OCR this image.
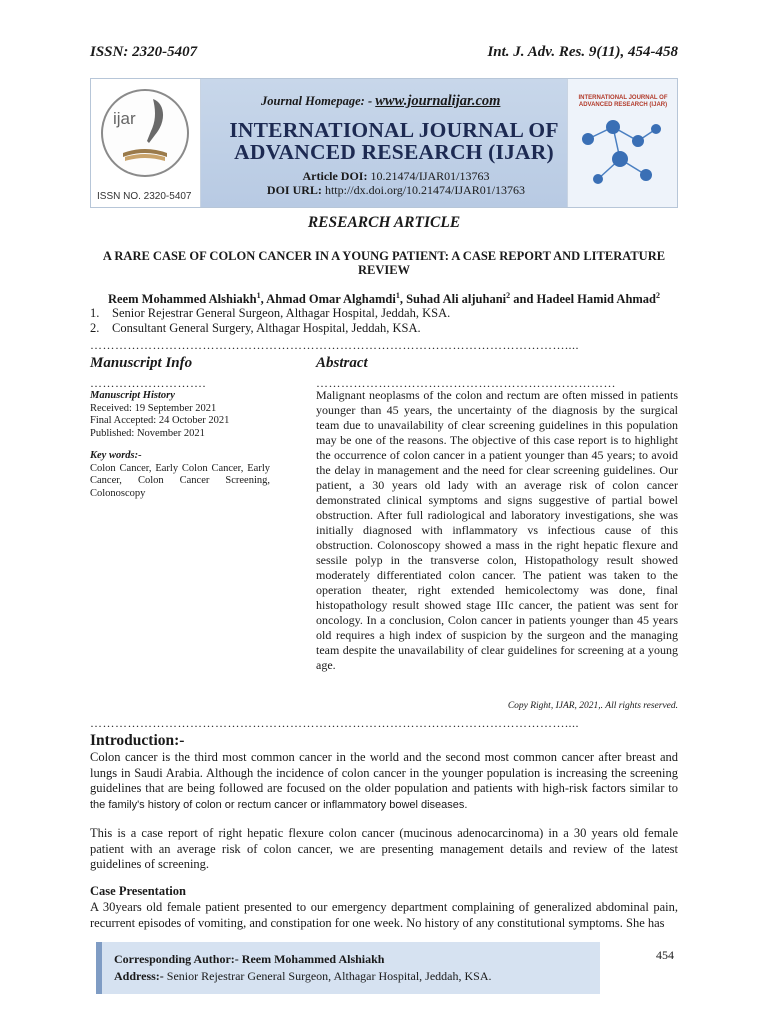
ISSN: 2320-5407	Int. J. Adv. Res. 9(11), 454-458
ijar
ISSN NO. 2320-5407
Journal Homepage: - www.journalijar.com
INTERNATIONAL JOURNAL OF
ADVANCED RESEARCH (IJAR)
Article DOI: 10.21474/IJAR01/13763
DOI URL: http://dx.doi.org/10.21474/IJAR01/13763
INTERNATIONAL JOURNAL OF ADVANCED RESEARCH (IJAR)
RESEARCH ARTICLE
A RARE CASE OF COLON CANCER IN A YOUNG PATIENT: A CASE REPORT AND LITERATURE
REVIEW
Reem Mohammed Alshiakh$^1$, Ahmad Omar Alghamdi$^1$, Suhad Ali aljuhani$^2$ and Hadeel Hamid Ahmad$^2$
1. Senior Rejestrar General Surgeon, Althagar Hospital, Jeddah, KSA.
2. Consultant General Surgery, Althagar Hospital, Jeddah, KSA.
……………………………………………………………………………………………………....
Manuscript Info
……………………….
Abstract
………………………………………………………………
Manuscript History
Received: 19 September 2021
Final Accepted: 24 October 2021
Published: November 2021
Key words:-
Colon Cancer, Early Colon Cancer, Early Cancer, Colon Cancer Screening, Colonoscopy
Malignant neoplasms of the colon and rectum are often missed in patients younger than 45 years, the uncertainty of the diagnosis by the surgical team due to unavailability of clear screening guidelines in this population may be one of the reasons. The objective of this case report is to highlight the occurrence of colon cancer in a patient younger than 45 years; to avoid the delay in management and the need for clear screening guidelines. Our patient, a 30 years old lady with an average risk of colon cancer demonstrated clinical symptoms and signs suggestive of partial bowel obstruction. After full radiological and laboratory investigations, she was initially diagnosed with inflammatory vs infectious cause of this obstruction. Colonoscopy showed a mass in the right hepatic flexure and sessile polyp in the transverse colon, Histopathology result showed moderately differentiated colon cancer. The patient was taken to the operation theater, right extended hemicolectomy was done, final histopathology result showed stage IIIc cancer, the patient was sent for oncology. In a conclusion, Colon cancer in patients younger than 45 years old requires a high index of suspicion by the surgeon and the managing team despite the unavailability of clear guidelines for screening at a young age.
Copy Right, IJAR, 2021,. All rights reserved.
……………………………………………………………………………………………………....
Introduction:-
Colon cancer is the third most common cancer in the world and the second most common cancer after breast and lungs in Saudi Arabia. Although the incidence of colon cancer in the younger population is increasing the screening guidelines that are being followed are focused on the older population and patients with high-risk factors similar to the family's history of colon or rectum cancer or inflammatory bowel diseases.
This is a case report of right hepatic flexure colon cancer (mucinous adenocarcinoma) in a 30 years old female patient with an average risk of colon cancer, we are presenting management details and review of the latest guidelines of screening.
Case Presentation
A 30years old female patient presented to our emergency department complaining of generalized abdominal pain, recurrent episodes of vomiting, and constipation for one week. No history of any constitutional symptoms. She has
Corresponding Author:- Reem Mohammed Alshiakh
Address:- Senior Rejestrar General Surgeon, Althagar Hospital, Jeddah, KSA.
454
